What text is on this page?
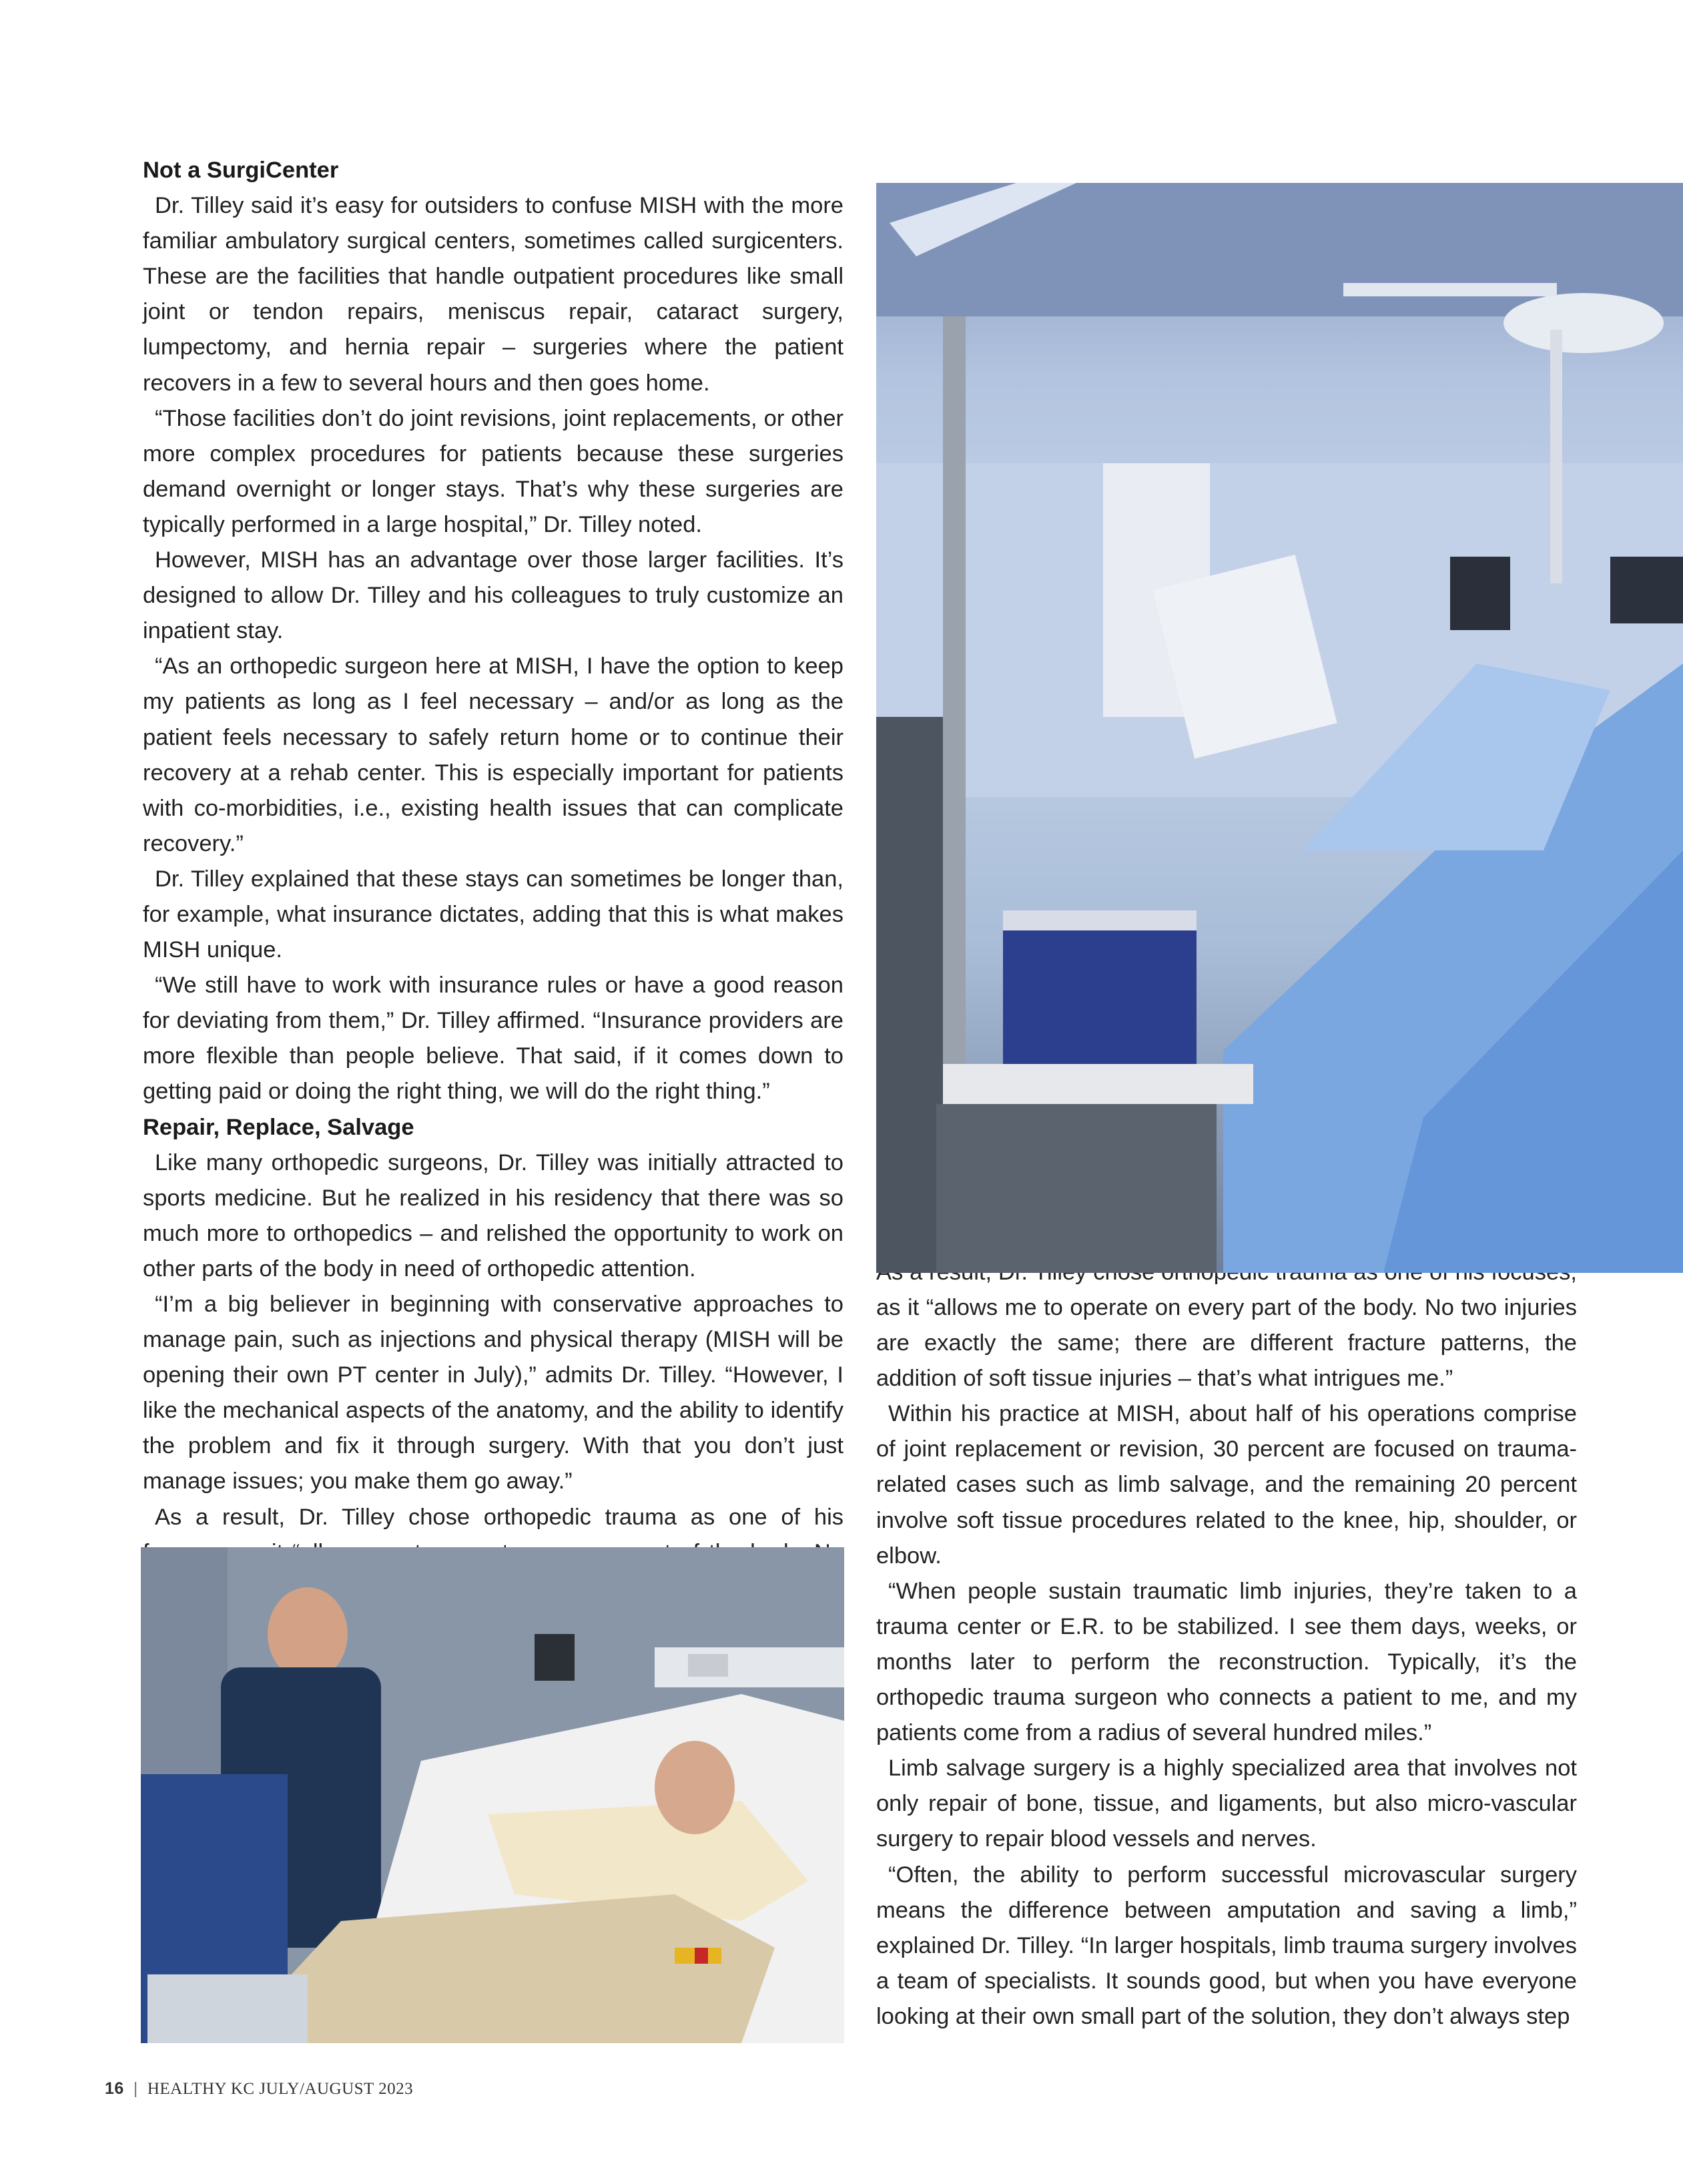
Not a SurgiCenter

Dr. Tilley said it’s easy for outsiders to confuse MISH with the more familiar ambulatory surgical centers, sometimes called surgicenters. These are the facilities that handle outpatient procedures like small joint or tendon repairs, meniscus repair, cataract surgery, lumpectomy, and hernia repair – surgeries where the patient recovers in a few to several hours and then goes home.

“Those facilities don’t do joint revisions, joint replacements, or other more complex procedures for patients because these surgeries demand overnight or longer stays. That’s why these surgeries are typically performed in a large hospital,” Dr. Tilley noted.

However, MISH has an advantage over those larger facilities. It’s designed to allow Dr. Tilley and his colleagues to truly customize an inpatient stay.

“As an orthopedic surgeon here at MISH, I have the option to keep my patients as long as I feel necessary – and/or as long as the patient feels necessary to safely return home or to continue their recovery at a rehab center. This is especially important for patients with co-morbidities, i.e., existing health issues that can complicate recovery.”

Dr. Tilley explained that these stays can sometimes be longer than, for example, what insurance dictates, adding that this is what makes MISH unique.

“We still have to work with insurance rules or have a good reason for deviating from them,” Dr. Tilley affirmed. “Insurance providers are more flexible than people believe. That said, if it comes down to getting paid or doing the right thing, we will do the right thing.”

Repair, Replace, Salvage

Like many orthopedic surgeons, Dr. Tilley was initially attracted to sports medicine. But he realized in his residency that there was so much more to orthopedics – and relished the opportunity to work on other parts of the body in need of orthopedic attention.

“I’m a big believer in beginning with conservative approaches to manage pain, such as injections and physical therapy (MISH will be opening their own PT center in July),” admits Dr. Tilley. “However, I like the mechanical aspects of the anatomy, and the ability to identify the problem and fix it through surgery. With that you don’t just manage issues; you make them go away.”

As a result, Dr. Tilley chose orthopedic trauma as one of his

as it “allows me to operate on every part of the body. No two injuries are exactly the same; there are different fracture patterns, the addition of soft tissue injuries – that’s what intrigues me.”

Within his practice at MISH, about half of his operations comprise of joint replacement or revision, 30 percent are focused on trauma-related cases such as limb salvage, and the remaining 20 percent involve soft tissue procedures related to the knee, hip, shoulder, or elbow.

“When people sustain traumatic limb injuries, they’re taken to a trauma center or E.R. to be stabilized. I see them days, weeks, or months later to perform the reconstruction. Typically, it’s the orthopedic trauma surgeon who connects a patient to me, and my patients come from a radius of several hundred miles.”

Limb salvage surgery is a highly specialized area that involves not only repair of bone, tissue, and ligaments, but also micro-vascular surgery to repair blood vessels and nerves.

“Often, the ability to perform successful microvascular surgery means the difference between amputation and saving a limb,” explained Dr. Tilley. “In larger hospitals, limb trauma surgery involves a team of specialists. It sounds good, but when you have everyone looking at their own small part of the solution, they don’t always step

16 | HEALTHY KC JULY/AUGUST 2023
